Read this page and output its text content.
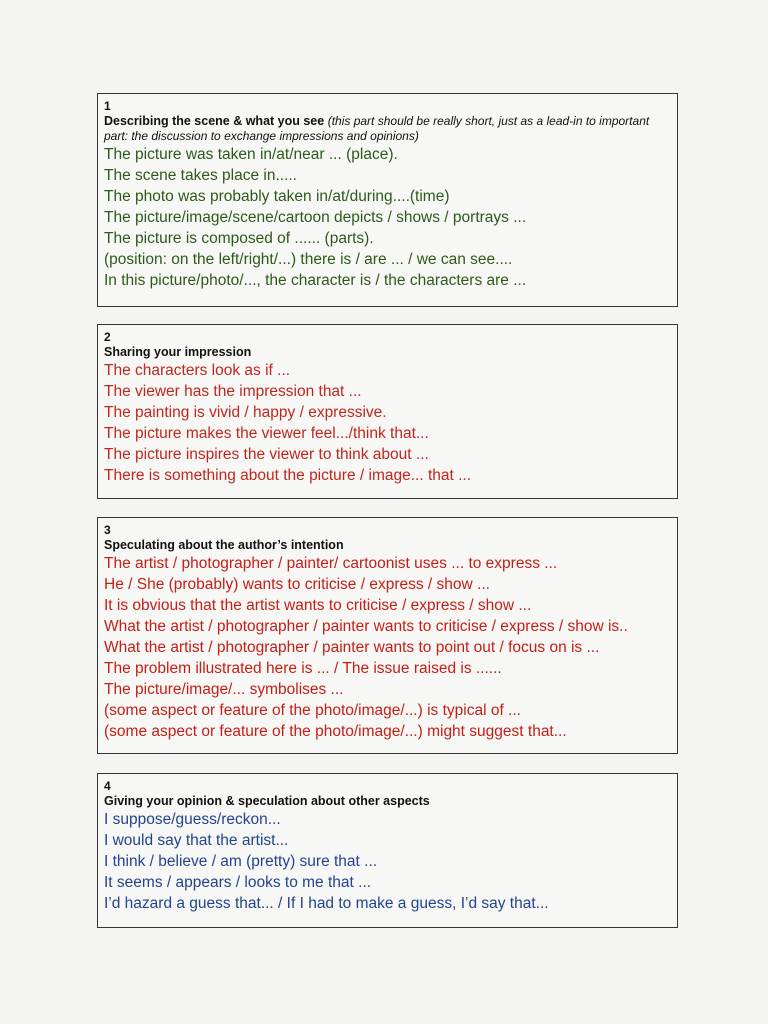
1
Describing the scene & what you see (this part should be really short, just as a lead-in to important part: the discussion to exchange impressions and opinions)
The picture was taken in/at/near ... (place).
The scene takes place in.....
The photo was probably taken in/at/during....(time)
The picture/image/scene/cartoon depicts / shows / portrays ...
The picture is composed of ...... (parts).
(position: on the left/right/...) there is / are ... / we can see....
In this picture/photo/..., the character is / the characters are ...
2
Sharing your impression
The characters look as if ...
The viewer has the impression that ...
The painting is vivid / happy / expressive.
The picture makes the viewer feel.../think that...
The picture inspires the viewer to think about ...
There is something about the picture / image... that ...
3
Speculating about the author’s intention
The artist / photographer / painter/ cartoonist uses ... to express ...
He / She (probably) wants to criticise / express / show ...
It is obvious that the artist wants to criticise / express / show ...
What the artist / photographer / painter wants to criticise / express / show is..
What the artist / photographer / painter wants to point out / focus on is ...
The problem illustrated here is ... / The issue raised is ......
The picture/image/... symbolises ...
(some aspect or feature of the photo/image/...) is typical of ...
(some aspect or feature of the photo/image/...) might suggest that...
4
Giving your opinion & speculation about other aspects
I suppose/guess/reckon...
I would say that the artist...
I think / believe / am (pretty) sure that ...
It seems / appears / looks to me that ...
I’d hazard a guess that... / If I had to make a guess, I’d say that...
